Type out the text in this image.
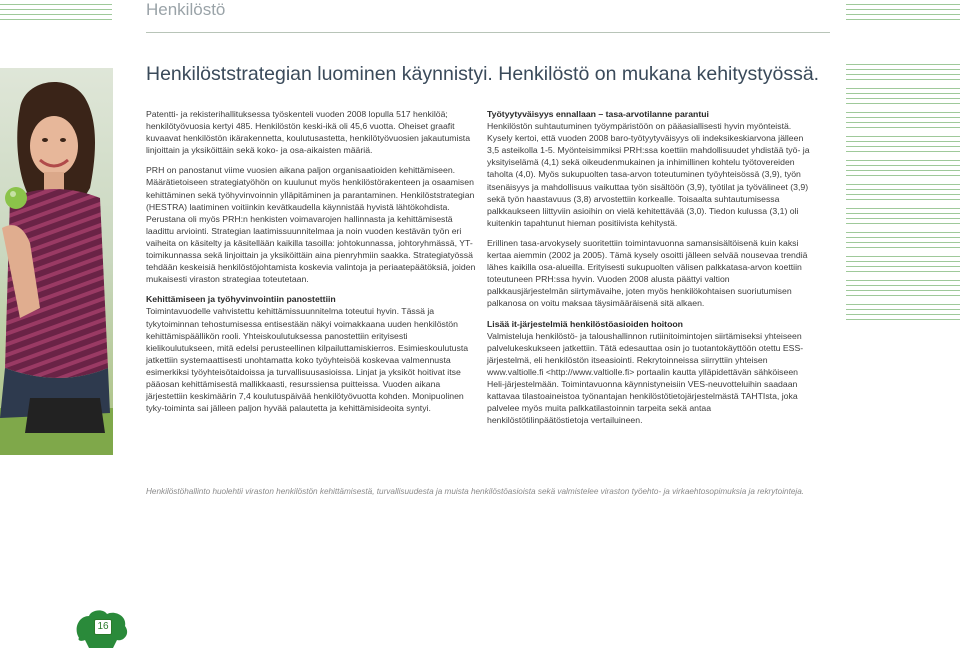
Henkilöstö
Henkilöststrategian luominen käynnistyi. Henkilöstö on mukana kehitystyössä.

Patentti- ja rekisterihallituksessa työskenteli vuoden 2008 lopulla 517 henkilöä; henkilötyövuosia kertyi 485. Henkilöstön keski-ikä oli 45,6 vuotta. Oheiset graafit kuvaavat henkilöstön ikärakennetta, koulutusastetta, henkilötyövuosien jakautumista linjoittain ja yksiköittäin sekä koko- ja osa-aikaisten määriä.

PRH on panostanut viime vuosien aikana paljon organisaatioiden kehittämiseen. Määrätietoiseen strategiatyöhön on kuulunut myös henkilöstörakenteen ja osaamisen kehittäminen sekä työhyvinvoinnin ylläpitäminen ja parantaminen. Henkilöststrategian (HESTRA) laatiminen voitiinkin kevätkaudella käynnistää hyvistä lähtökohdista. Perustana oli myös PRH:n henkisten voimavarojen hallinnasta ja kehittämisestä laadittu arviointi. Strategian laatimissuunnitelmaa ja noin vuoden kestävän työn eri vaiheita on käsitelty ja käsitellään kaikilla tasoilla: johtokunnassa, johtoryhmässä, YT-toimikunnassa sekä linjoittain ja yksiköittäin aina pienryhmiin saakka. Strategiatyössä tehdään keskeisiä henkilöstöjohtamista koskevia valintoja ja periaatepäätöksiä, joiden mukaisesti viraston strategiaa toteutetaan.

Kehittämiseen ja työhyvinvointiin panostettiin

Toimintavuodelle vahvistettu kehittämissuunnitelma toteutui hyvin. Tässä ja tykytoiminnan tehostumisessa entisestään näkyi voimakkaana uuden henkilöstön kehittämispäällikön rooli. Yhteiskoulutuksessa panostettiin erityisesti kielikoulutukseen, mitä edelsi perusteellinen kilpailuttamiskierros. Esimieskoulutusta jatkettiin systemaattisesti unohtamatta koko työyhteisöä koskevaa valmennusta esimerkiksi työyhteisötaidoissa ja turvallisuusasioissa. Linjat ja yksiköt hoitivat itse pääosan kehittämisestä mallikkaasti, resurssiensa puitteissa. Vuoden aikana järjestettiin keskimäärin 7,4 koulutuspäivää henkilötyövuotta kohden. Monipuolinen tyky-toiminta sai jälleen paljon hyvää palautetta ja kehittämisideoita syntyi.

Työtyytyväisyys ennallaan – tasa-arvotilanne parantui

Henkilöstön suhtautuminen työympäristöön on pääasiallisesti hyvin myönteistä. Kysely kertoi, että vuoden 2008 baro-työtyytyväisyys oli indeksikeskiarvona jälleen 3,5 asteikolla 1-5. Myönteisimmiksi PRH:ssa koettiin mahdollisuudet yhdistää työ- ja yksityiselämä (4,1) sekä oikeudenmukainen ja inhimillinen kohtelu työtovereiden taholta (4,0). Myös sukupuolten tasa-arvon toteutuminen työyhteisössä (3,9), työn itsenäisyys ja mahdollisuus vaikuttaa työn sisältöön (3,9), työtilat ja työvälineet (3,9) sekä työn haastavuus (3,8) arvostettiin korkealle. Toisaalta suhtautumisessa palkkaukseen liittyviin asioihin on vielä kehitettävää (3,0). Tiedon kulussa (3,1) oli kuitenkin tapahtunut hieman positiivista kehitystä.

Erillinen tasa-arvokysely suoritettiin toimintavuonna samansisältöisenä kuin kaksi kertaa aiemmin (2002 ja 2005). Tämä kysely osoitti jälleen selvää nousevaa trendiä lähes kaikilla osa-alueilla. Erityisesti sukupuolten välisen palkkatasa-arvon koettiin toteutuneen PRH:ssa hyvin. Vuoden 2008 alusta päättyi valtion palkkausjärjestelmän siirtymävaihe, joten myös henkilökohtaisen suoriutumisen palkanosa on voitu maksaa täysimääräisenä sitä alkaen.

Lisää it-järjestelmiä henkilöstöasioiden hoitoon

Valmisteluja henkilöstö- ja taloushallinnon rutiinitoimintojen siirtämiseksi yhteiseen palvelukeskukseen jatkettiin. Tätä edesauttaa osin jo tuotantokäyttöön otettu ESS-järjestelmä, eli henkilöstön itseasiointi. Rekrytoinneissa siirryttiin yhteisen www.valtiolle.fi <http://www.valtiolle.fi> portaalin kautta ylläpidettävän sähköiseen Heli-järjestelmään. Toimintavuonna käynnistyneisiin VES-neuvotteluihin saadaan kattavaa tilastoaineistoa työnantajan henkilöstötietojärjestelmästä TAHTIsta, joka palvelee myös muita palkkatilastoinnin tarpeita sekä antaa henkilöstötilinpäätöstietoja vertailuineen.

Henkilöstöhallinto huolehtii viraston henkilöstön kehittämisestä, turvallisuudesta ja muista henkilöstöasioista sekä valmistelee viraston työehto- ja virkaehtosopimuksia ja rekrytointeja.
16
